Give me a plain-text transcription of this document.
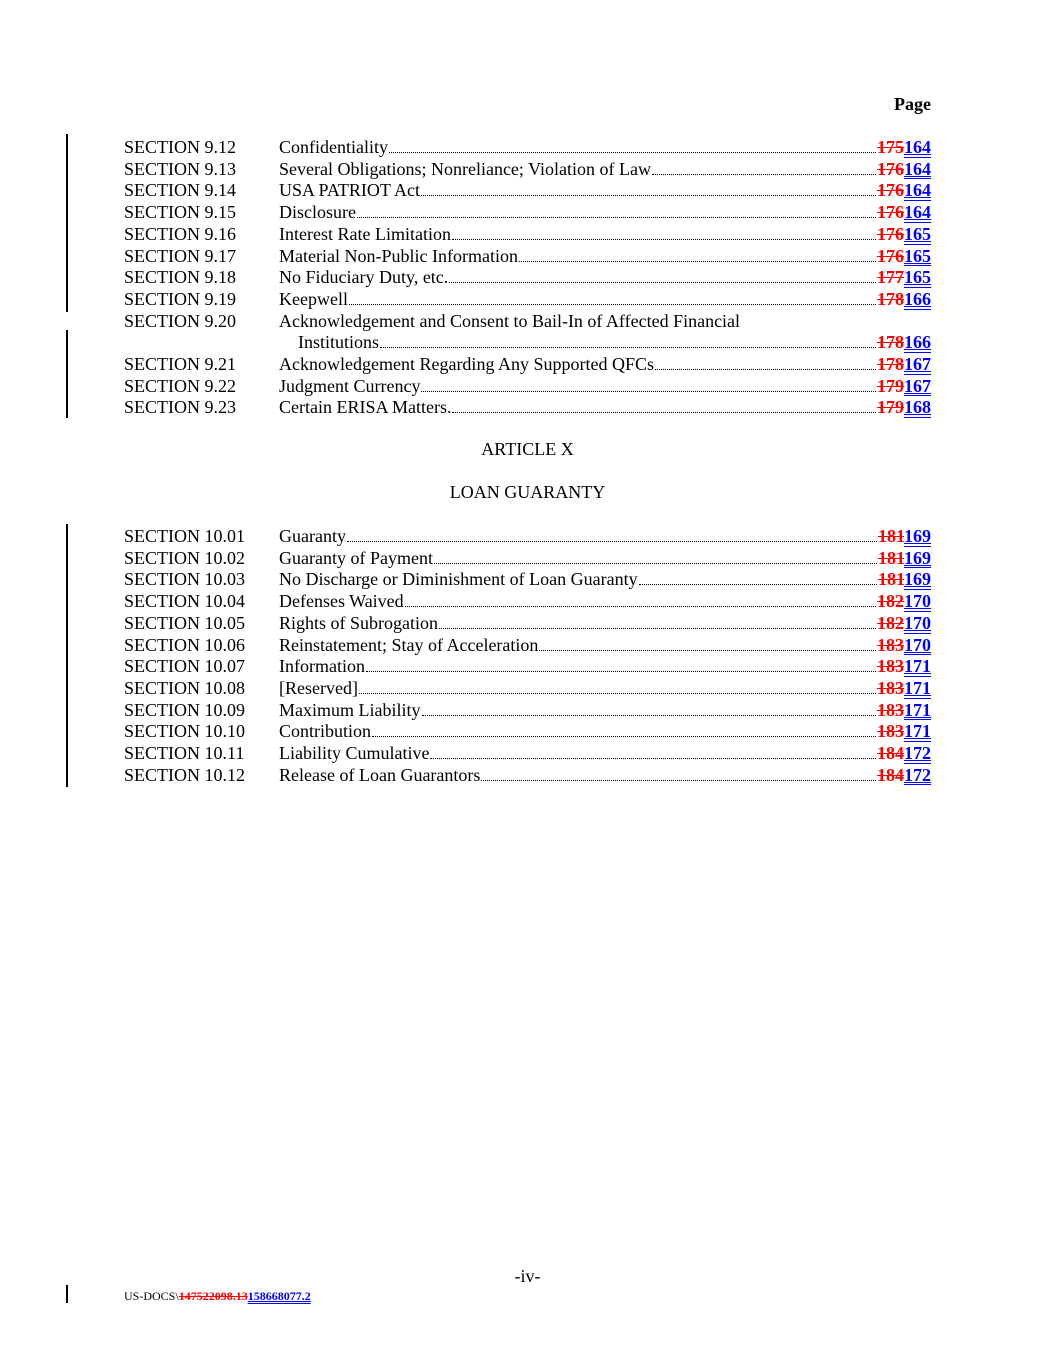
Page
SECTION 9.12 Confidentiality	175164
SECTION 9.13 Several Obligations; Nonreliance; Violation of Law	176164
SECTION 9.14 USA PATRIOT Act	176164
SECTION 9.15 Disclosure	176164
SECTION 9.16 Interest Rate Limitation	176165
SECTION 9.17 Material Non-Public Information	176165
SECTION 9.18 No Fiduciary Duty, etc.	177165
SECTION 9.19 Keepwell	178166
SECTION 9.20 Acknowledgement and Consent to Bail-In of Affected Financial
Institutions	178166
SECTION 9.21 Acknowledgement Regarding Any Supported QFCs	178167
SECTION 9.22 Judgment Currency	179167
SECTION 9.23 Certain ERISA Matters.	179168
ARTICLE X
LOAN GUARANTY
SECTION 10.01 Guaranty	181169
SECTION 10.02 Guaranty of Payment	181169
SECTION 10.03 No Discharge or Diminishment of Loan Guaranty	181169
SECTION 10.04 Defenses Waived	182170
SECTION 10.05 Rights of Subrogation	182170
SECTION 10.06 Reinstatement; Stay of Acceleration	183170
SECTION 10.07 Information	183171
SECTION 10.08 [Reserved]	183171
SECTION 10.09 Maximum Liability	183171
SECTION 10.10 Contribution	183171
SECTION 10.11 Liability Cumulative	184172
SECTION 10.12 Release of Loan Guarantors	184172
-iv-
US-DOCS\147522098.13158668077.2
